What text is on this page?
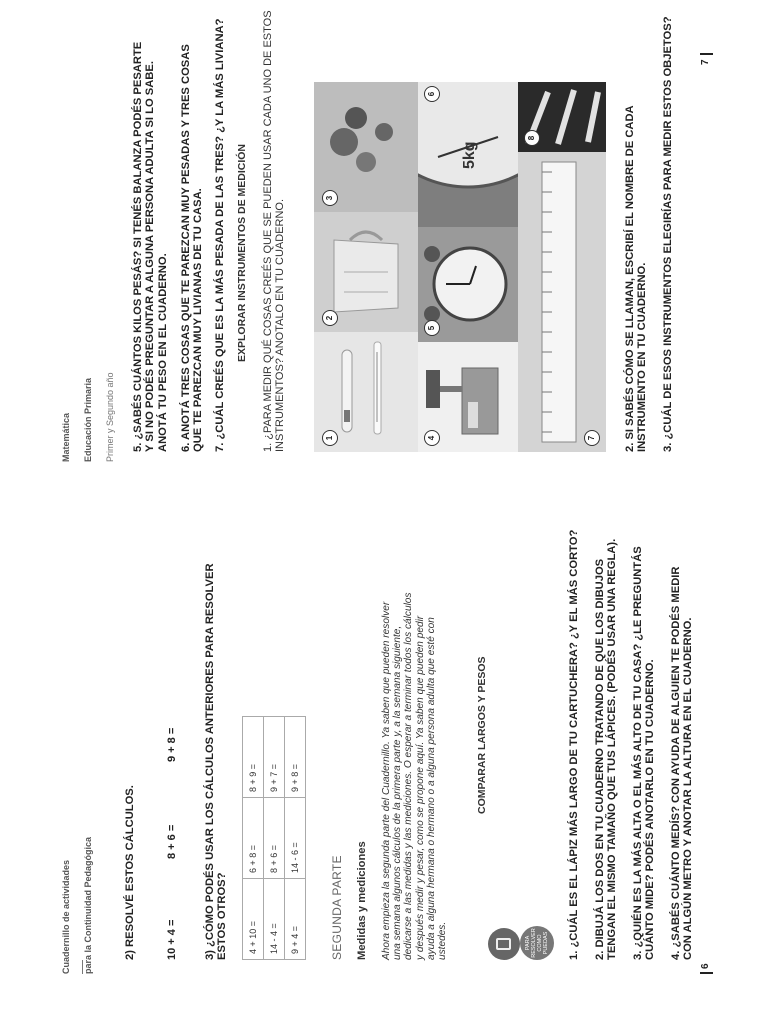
Cuadernillo de actividades para la Continuidad Pedagógica	2) RESOLVÉ ESTOS CÁLCULOS.	10 + 4 =
8 + 6 =
9 + 8 =
3) ¿CÓMO PODÉS USAR LOS CÁLCULOS ANTERIORES PARA RESOLVER
ESTOS OTROS?
4 + 10 =	6 + 8 =	8 + 9 =
14 - 4 =	8 + 6 =	9 + 7 =
9 + 4 =	14 - 6 =	9 + 8 =
SEGUNDA PARTE Medidas y mediciones Ahora empieza la segunda parte del Cuadernillo. Ya saben que pueden resolver
una semana algunos cálculos de la primera parte y, a la semana siguiente,
dedicarse a las medidas y las mediciones. O esperar a terminar todos los cálculos
y después medir y pesar, como se propone aquí. Ya saben que pueden pedir
ayuda a alguna hermana o hermano o a alguna persona adulta que esté con
ustedes.
COMPARAR LARGOS Y PESOS
PARA
RESOLVER
COMO
PUEDAS 1. ¿CUÁL ES EL LÁPIZ MÁS LARGO DE TU CARTUCHERA? ¿Y EL MÁS CORTO? 2. DIBUJÁ LOS DOS EN TU CUADERNO TRATANDO DE QUE LOS DIBUJOS
TENGAN EL MISMO TAMAÑO QUE TUS LÁPICES. (PODÉS USAR UNA REGLA).
3. ¿QUIÉN ES LA MÁS ALTA O EL MÁS ALTO DE TU CASA? ¿LE PREGUNTÁS
CUÁNTO MIDE? PODÉS ANOTARLO EN TU CUADERNO.
4. ¿SABÉS CUÁNTO MEDÍS? CON AYUDA DE ALGUIEN TE PODÉS MEDIR
CON ALGÚN METRO Y ANOTAR LA ALTURA EN EL CUADERNO.
6

Matemática Educación Primaria Primer y Segundo año 5. ¿SABÉS CUÁNTOS KILOS PESÁS? SI TENÉS BALANZA PODÉS PESARTE
Y SI NO PODÉS PREGUNTAR A ALGUNA PERSONA ADULTA SI LO SABE.
ANOTÁ TU PESO EN EL CUADERNO.
6. ANOTÁ TRES COSAS QUE TE PAREZCAN MUY PESADAS Y TRES COSAS
QUE TE PAREZCAN MUY LIVIANAS DE TU CASA. 7. ¿CUÁL CREÉS QUE ES LA MÁS PESADA DE LAS TRES? ¿Y LA MÁS LIVIANA? EXPLORAR INSTRUMENTOS DE MEDICIÓN
1. ¿PARA MEDIR QUÉ COSAS CREÉS QUE SE PUEDEN USAR CADA UNO DE ESTOS
INSTRUMENTOS? ANOTALO EN TU CUADERNO.
5kg
1
2
3
4
5
6
7
8
2. SI SABÉS CÓMO SE LLAMAN, ESCRIBÍ EL NOMBRE DE CADA
INSTRUMENTO EN TU CUADERNO. 3. ¿CUÁL DE ESOS INSTRUMENTOS ELEGIRÍAS PARA MEDIR ESTOS OBJETOS?	7
